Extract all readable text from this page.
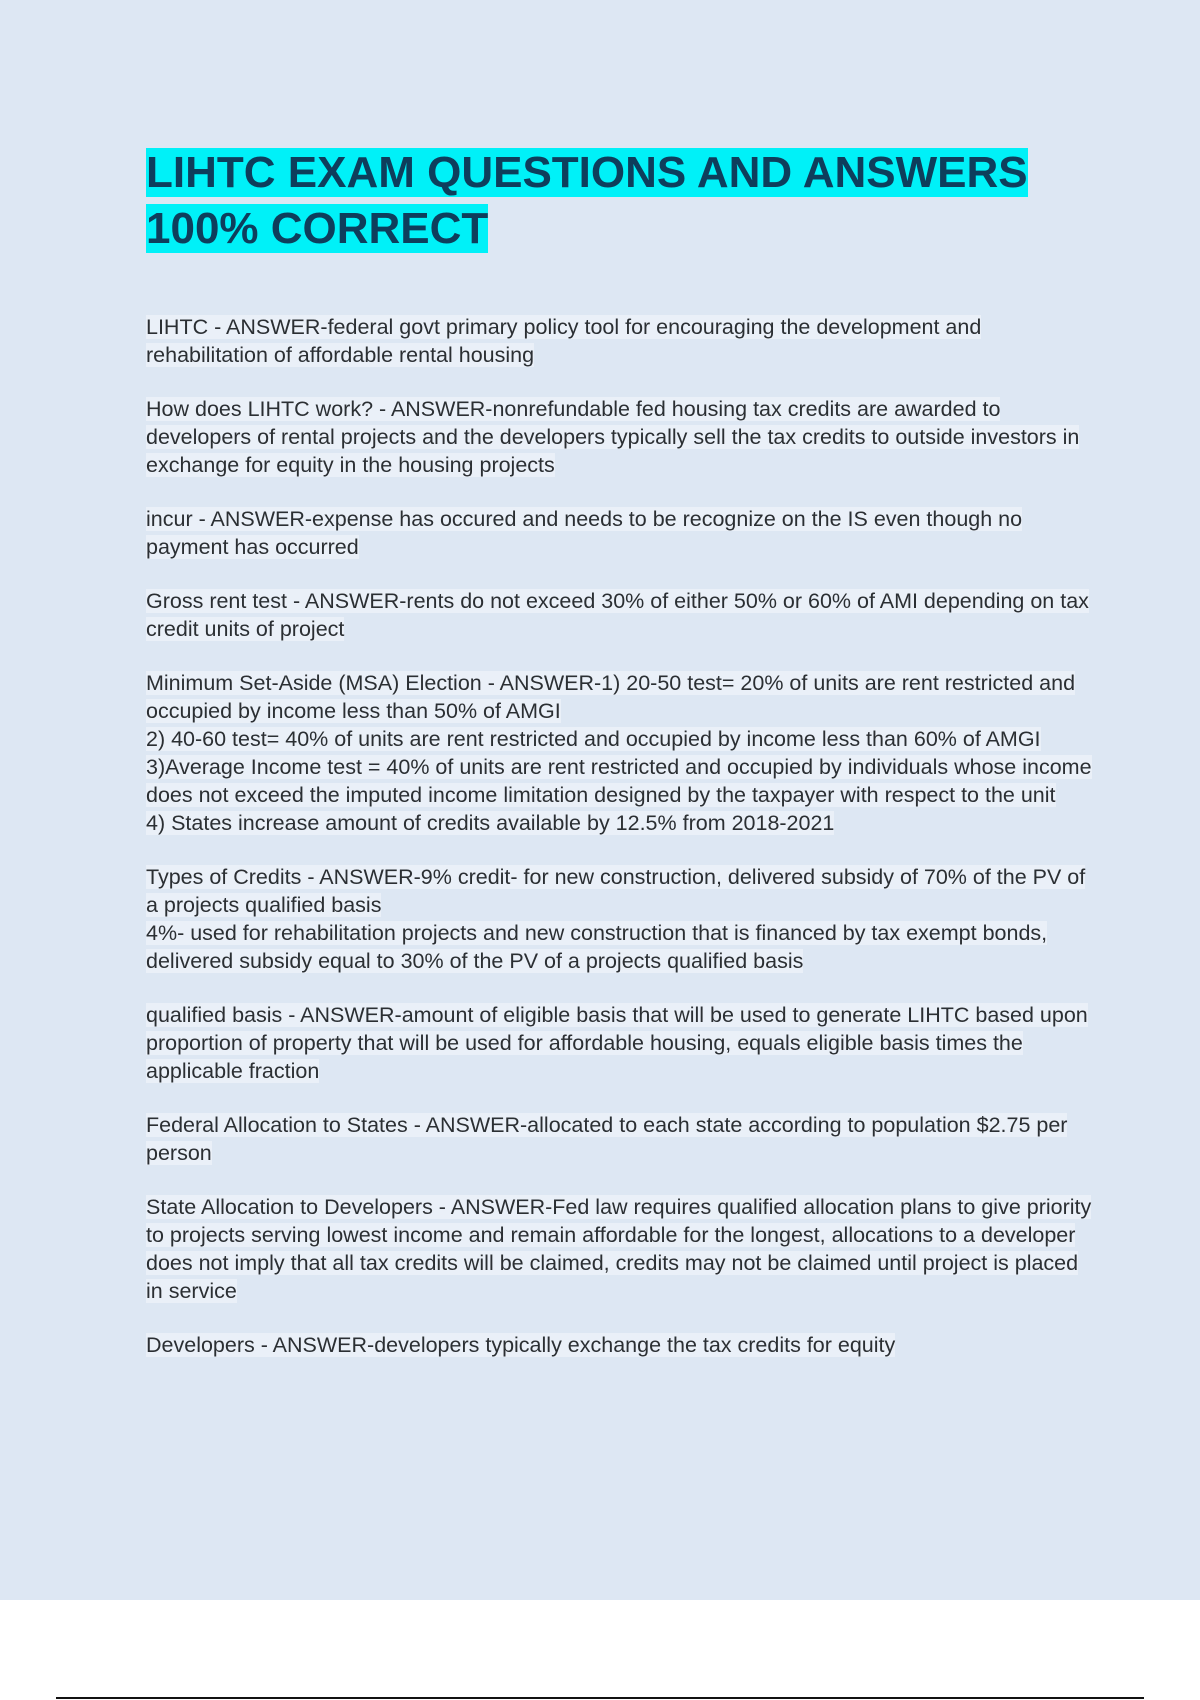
LIHTC EXAM QUESTIONS AND ANSWERS 100% CORRECT

LIHTC - ANSWER-federal govt primary policy tool for encouraging the development and rehabilitation of affordable rental housing

How does LIHTC work? - ANSWER-nonrefundable fed housing tax credits are awarded to developers of rental projects and the developers typically sell the tax credits to outside investors in exchange for equity in the housing projects

incur - ANSWER-expense has occured and needs to be recognize on the IS even though no payment has occurred

Gross rent test - ANSWER-rents do not exceed 30% of either 50% or 60% of AMI depending on tax credit units of project

Minimum Set-Aside (MSA) Election - ANSWER-1) 20-50 test= 20% of units are rent restricted and occupied by income less than 50% of AMGI
2) 40-60 test= 40% of units are rent restricted and occupied by income less than 60% of AMGI
3)Average Income test = 40% of units are rent restricted and occupied by individuals whose income does not exceed the imputed income limitation designed by the taxpayer with respect to the unit
4) States increase amount of credits available by 12.5% from 2018-2021

Types of Credits - ANSWER-9% credit- for new construction, delivered subsidy of 70% of the PV of a projects qualified basis
4%- used for rehabilitation projects and new construction that is financed by tax exempt bonds, delivered subsidy equal to 30% of the PV of a projects qualified basis

qualified basis - ANSWER-amount of eligible basis that will be used to generate LIHTC based upon proportion of property that will be used for affordable housing, equals eligible basis times the applicable fraction

Federal Allocation to States - ANSWER-allocated to each state according to population $2.75 per person

State Allocation to Developers - ANSWER-Fed law requires qualified allocation plans to give priority to projects serving lowest income and remain affordable for the longest, allocations to a developer does not imply that all tax credits will be claimed, credits may not be claimed until project is placed in service

Developers - ANSWER-developers typically exchange the tax credits for equity
